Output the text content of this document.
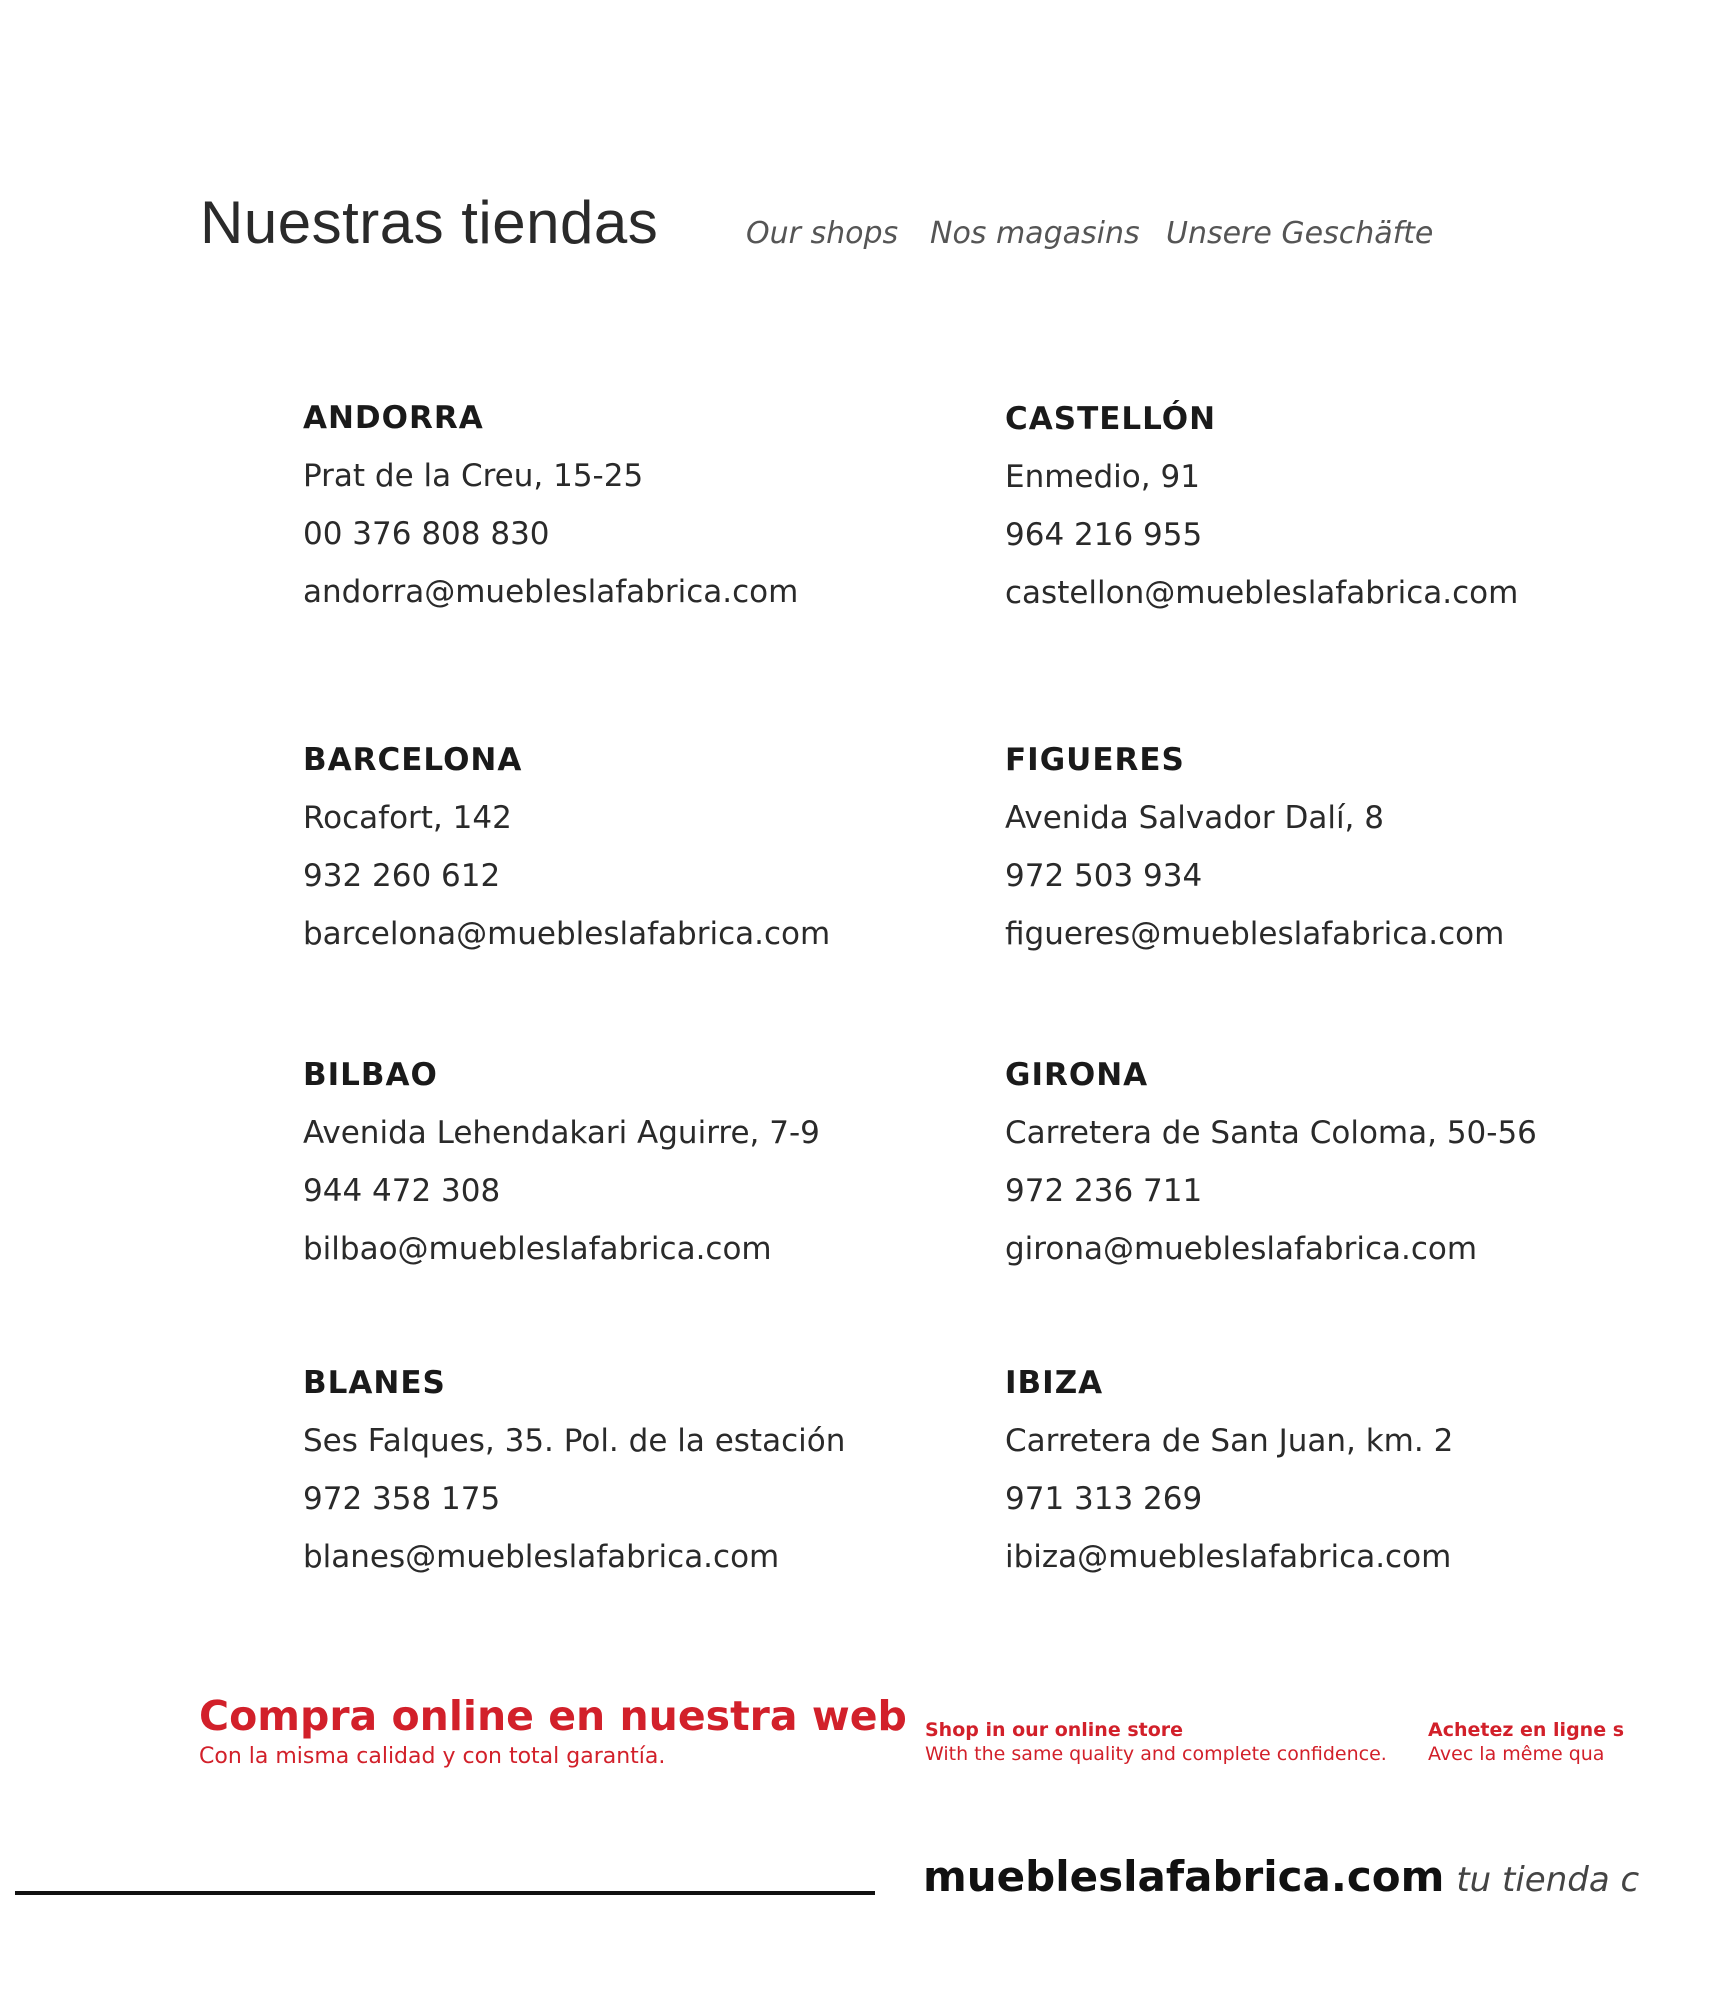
Nuestras tiendas	Our shops Nos magasins Unsere Geschäfte
ANDORRA
Prat de la Creu, 15-25
00 376 808 830
andorra@muebleslafabrica.com
BARCELONA
Rocafort, 142
932 260 612
barcelona@muebleslafabrica.com
BILBAO
Avenida Lehendakari Aguirre, 7-9
944 472 308
bilbao@muebleslafabrica.com
BLANES
Ses Falques, 35. Pol. de la estación
972 358 175
blanes@muebleslafabrica.com
CASTELLÓN
Enmedio, 91
964 216 955
castellon@muebleslafabrica.com
FIGUERES
Avenida Salvador Dalí, 8
972 503 934
figueres@muebleslafabrica.com
GIRONA
Carretera de Santa Coloma, 50-56
972 236 711
girona@muebleslafabrica.com
IBIZA
Carretera de San Juan, km. 2
971 313 269
ibiza@muebleslafabrica.com
Compra online en nuestra web
Con la misma calidad y con total garantía.
Shop in our online store
With the same quality and complete confidence.
Achetez en ligne s
Avec la même qua
muebleslafabrica.com tu tienda c
